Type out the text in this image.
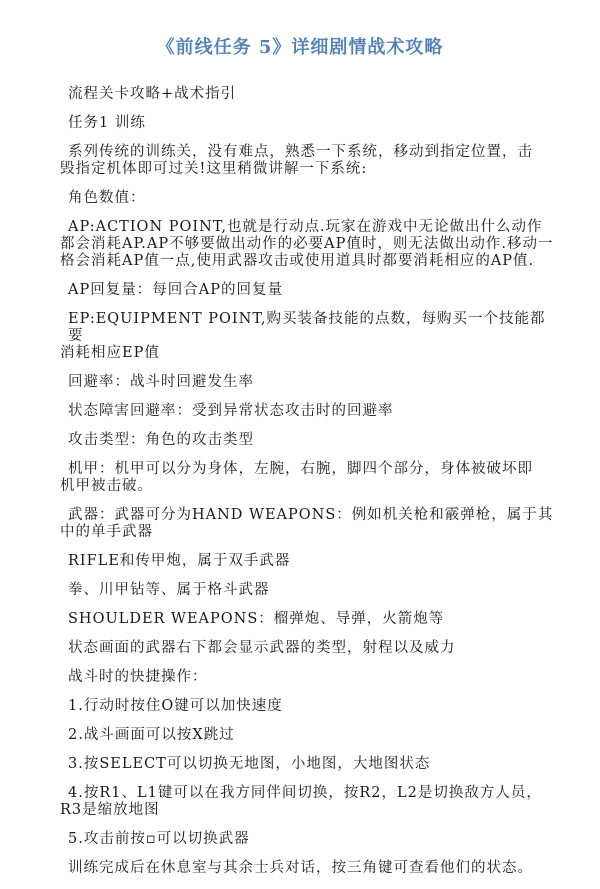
《前线任务 5》详细剧情战术攻略
流程关卡攻略+战术指引
任务1 训练
系列传统的训练关，没有难点，熟悉一下系统，移动到指定位置，击
毁指定机体即可过关!这里稍微讲解一下系统:
角色数值：
AP:ACTION POINT,也就是行动点.玩家在游戏中无论做出什么动作
都会消耗AP.AP不够要做出动作的必要AP值时，则无法做出动作.移动一格会消耗AP值一点,使用武器攻击或使用道具时都要消耗相应的AP值.
AP回复量：每回合AP的回复量
EP:EQUIPMENT POINT,购买装备技能的点数，每购买一个技能都要
消耗相应EP值
回避率：战斗时回避发生率
状态障害回避率：受到异常状态攻击时的回避率
攻击类型：角色的攻击类型
机甲：机甲可以分为身体，左腕，右腕，脚四个部分，身体被破坏即
机甲被击破。
武器：武器可分为HAND WEAPONS：例如机关枪和霰弹枪，属于其
中的单手武器
RIFLE和传甲炮，属于双手武器
拳、川甲钻等、属于格斗武器
SHOULDER WEAPONS：榴弹炮、导弹，火箭炮等
状态画面的武器右下都会显示武器的类型，射程以及威力
战斗时的快捷操作：
1.行动时按住O键可以加快速度
2.战斗画面可以按X跳过
3.按SELECT可以切换无地图，小地图，大地图状态
4.按R1、L1键可以在我方同伴间切换，按R2，L2是切换敌方人员，
R3是缩放地图
5.攻击前按▫可以切换武器
训练完成后在休息室与其余士兵对话，按三角键可查看他们的状态。
